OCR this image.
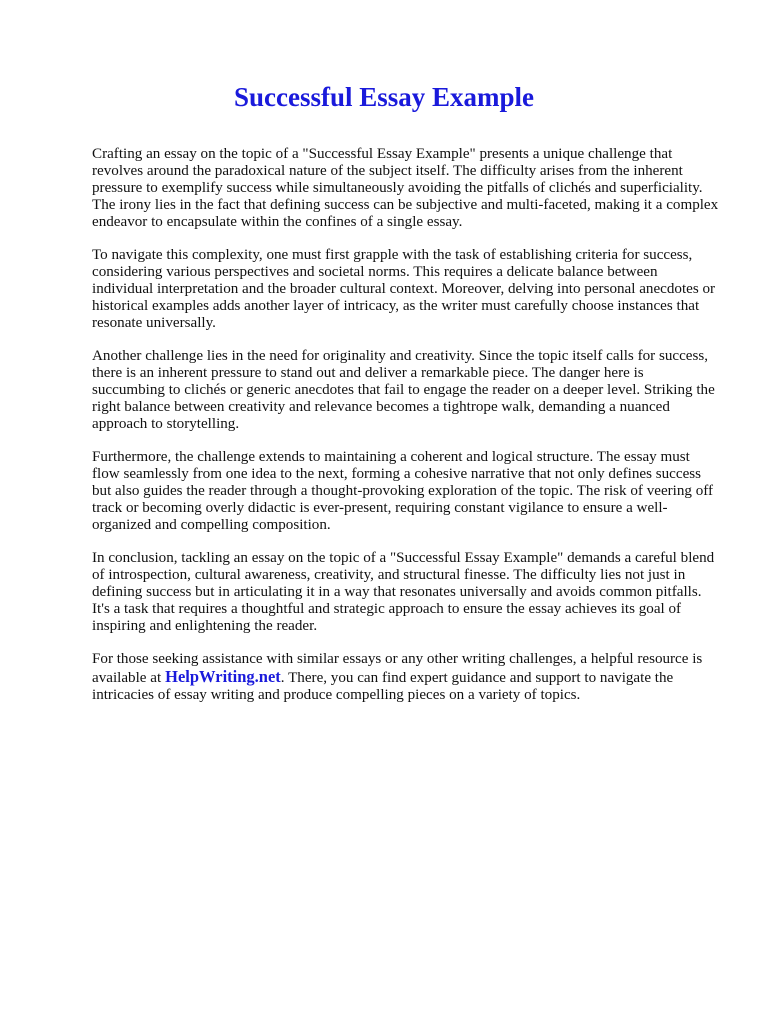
Successful Essay Example

Crafting an essay on the topic of a "Successful Essay Example" presents a unique challenge that revolves around the paradoxical nature of the subject itself. The difficulty arises from the inherent pressure to exemplify success while simultaneously avoiding the pitfalls of clichés and superficiality. The irony lies in the fact that defining success can be subjective and multi-faceted, making it a complex endeavor to encapsulate within the confines of a single essay.

To navigate this complexity, one must first grapple with the task of establishing criteria for success, considering various perspectives and societal norms. This requires a delicate balance between individual interpretation and the broader cultural context. Moreover, delving into personal anecdotes or historical examples adds another layer of intricacy, as the writer must carefully choose instances that resonate universally.

Another challenge lies in the need for originality and creativity. Since the topic itself calls for success, there is an inherent pressure to stand out and deliver a remarkable piece. The danger here is succumbing to clichés or generic anecdotes that fail to engage the reader on a deeper level. Striking the right balance between creativity and relevance becomes a tightrope walk, demanding a nuanced approach to storytelling.

Furthermore, the challenge extends to maintaining a coherent and logical structure. The essay must flow seamlessly from one idea to the next, forming a cohesive narrative that not only defines success but also guides the reader through a thought-provoking exploration of the topic. The risk of veering off track or becoming overly didactic is ever-present, requiring constant vigilance to ensure a well-organized and compelling composition.

In conclusion, tackling an essay on the topic of a "Successful Essay Example" demands a careful blend of introspection, cultural awareness, creativity, and structural finesse. The difficulty lies not just in defining success but in articulating it in a way that resonates universally and avoids common pitfalls. It's a task that requires a thoughtful and strategic approach to ensure the essay achieves its goal of inspiring and enlightening the reader.

For those seeking assistance with similar essays or any other writing challenges, a helpful resource is available at HelpWriting.net. There, you can find expert guidance and support to navigate the intricacies of essay writing and produce compelling pieces on a variety of topics.
